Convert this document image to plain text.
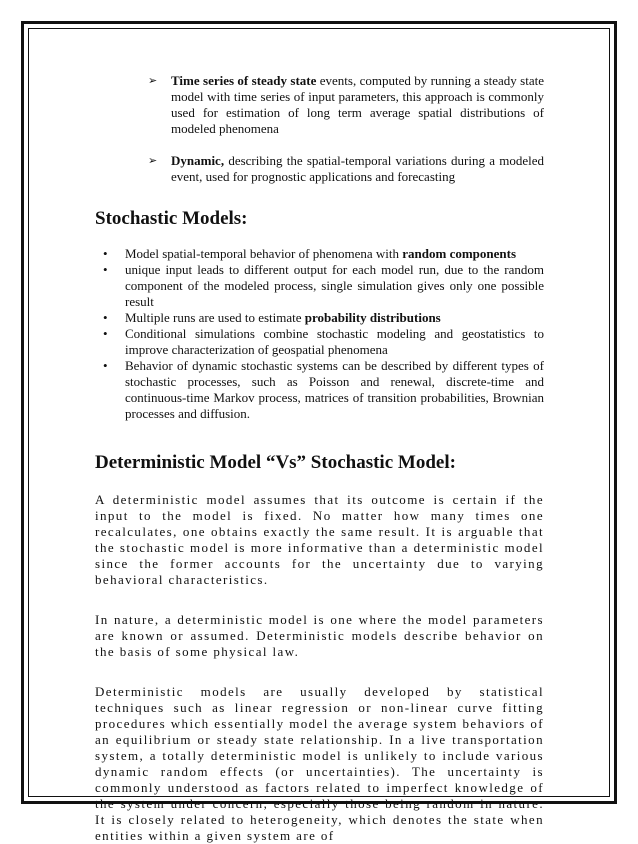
➢ Time series of steady state events, computed by running a steady state model with time series of input parameters, this approach is commonly used for estimation of long term average spatial distributions of modeled phenomena
➢ Dynamic, describing the spatial-temporal variations during a modeled event, used for prognostic applications and forecasting
Stochastic Models:
• Model spatial-temporal behavior of phenomena with random components
• unique input leads to different output for each model run, due to the random component of the modeled process, single simulation gives only one possible result
• Multiple runs are used to estimate probability distributions
• Conditional simulations combine stochastic modeling and geostatistics to improve characterization of geospatial phenomena
• Behavior of dynamic stochastic systems can be described by different types of stochastic processes, such as Poisson and renewal, discrete-time and continuous-time Markov process, matrices of transition probabilities, Brownian processes and diffusion.
Deterministic Model “Vs” Stochastic Model:

A deterministic model assumes that its outcome is certain if the input to the model is fixed. No matter how many times one recalculates, one obtains exactly the same result. It is arguable that the stochastic model is more informative than a deterministic model since the former accounts for the uncertainty due to varying behavioral characteristics.

In nature, a deterministic model is one where the model parameters are known or assumed. Deterministic models describe behavior on the basis of some physical law.

Deterministic models are usually developed by statistical techniques such as linear regression or non-linear curve fitting procedures which essentially model the average system behaviors of an equilibrium or steady state relationship. In a live transportation system, a totally deterministic model is unlikely to include various dynamic random effects (or uncertainties). The uncertainty is commonly understood as factors related to imperfect knowledge of the system under concern, especially those being random in nature. It is closely related to heterogeneity, which denotes the state when entities within a given system are of
